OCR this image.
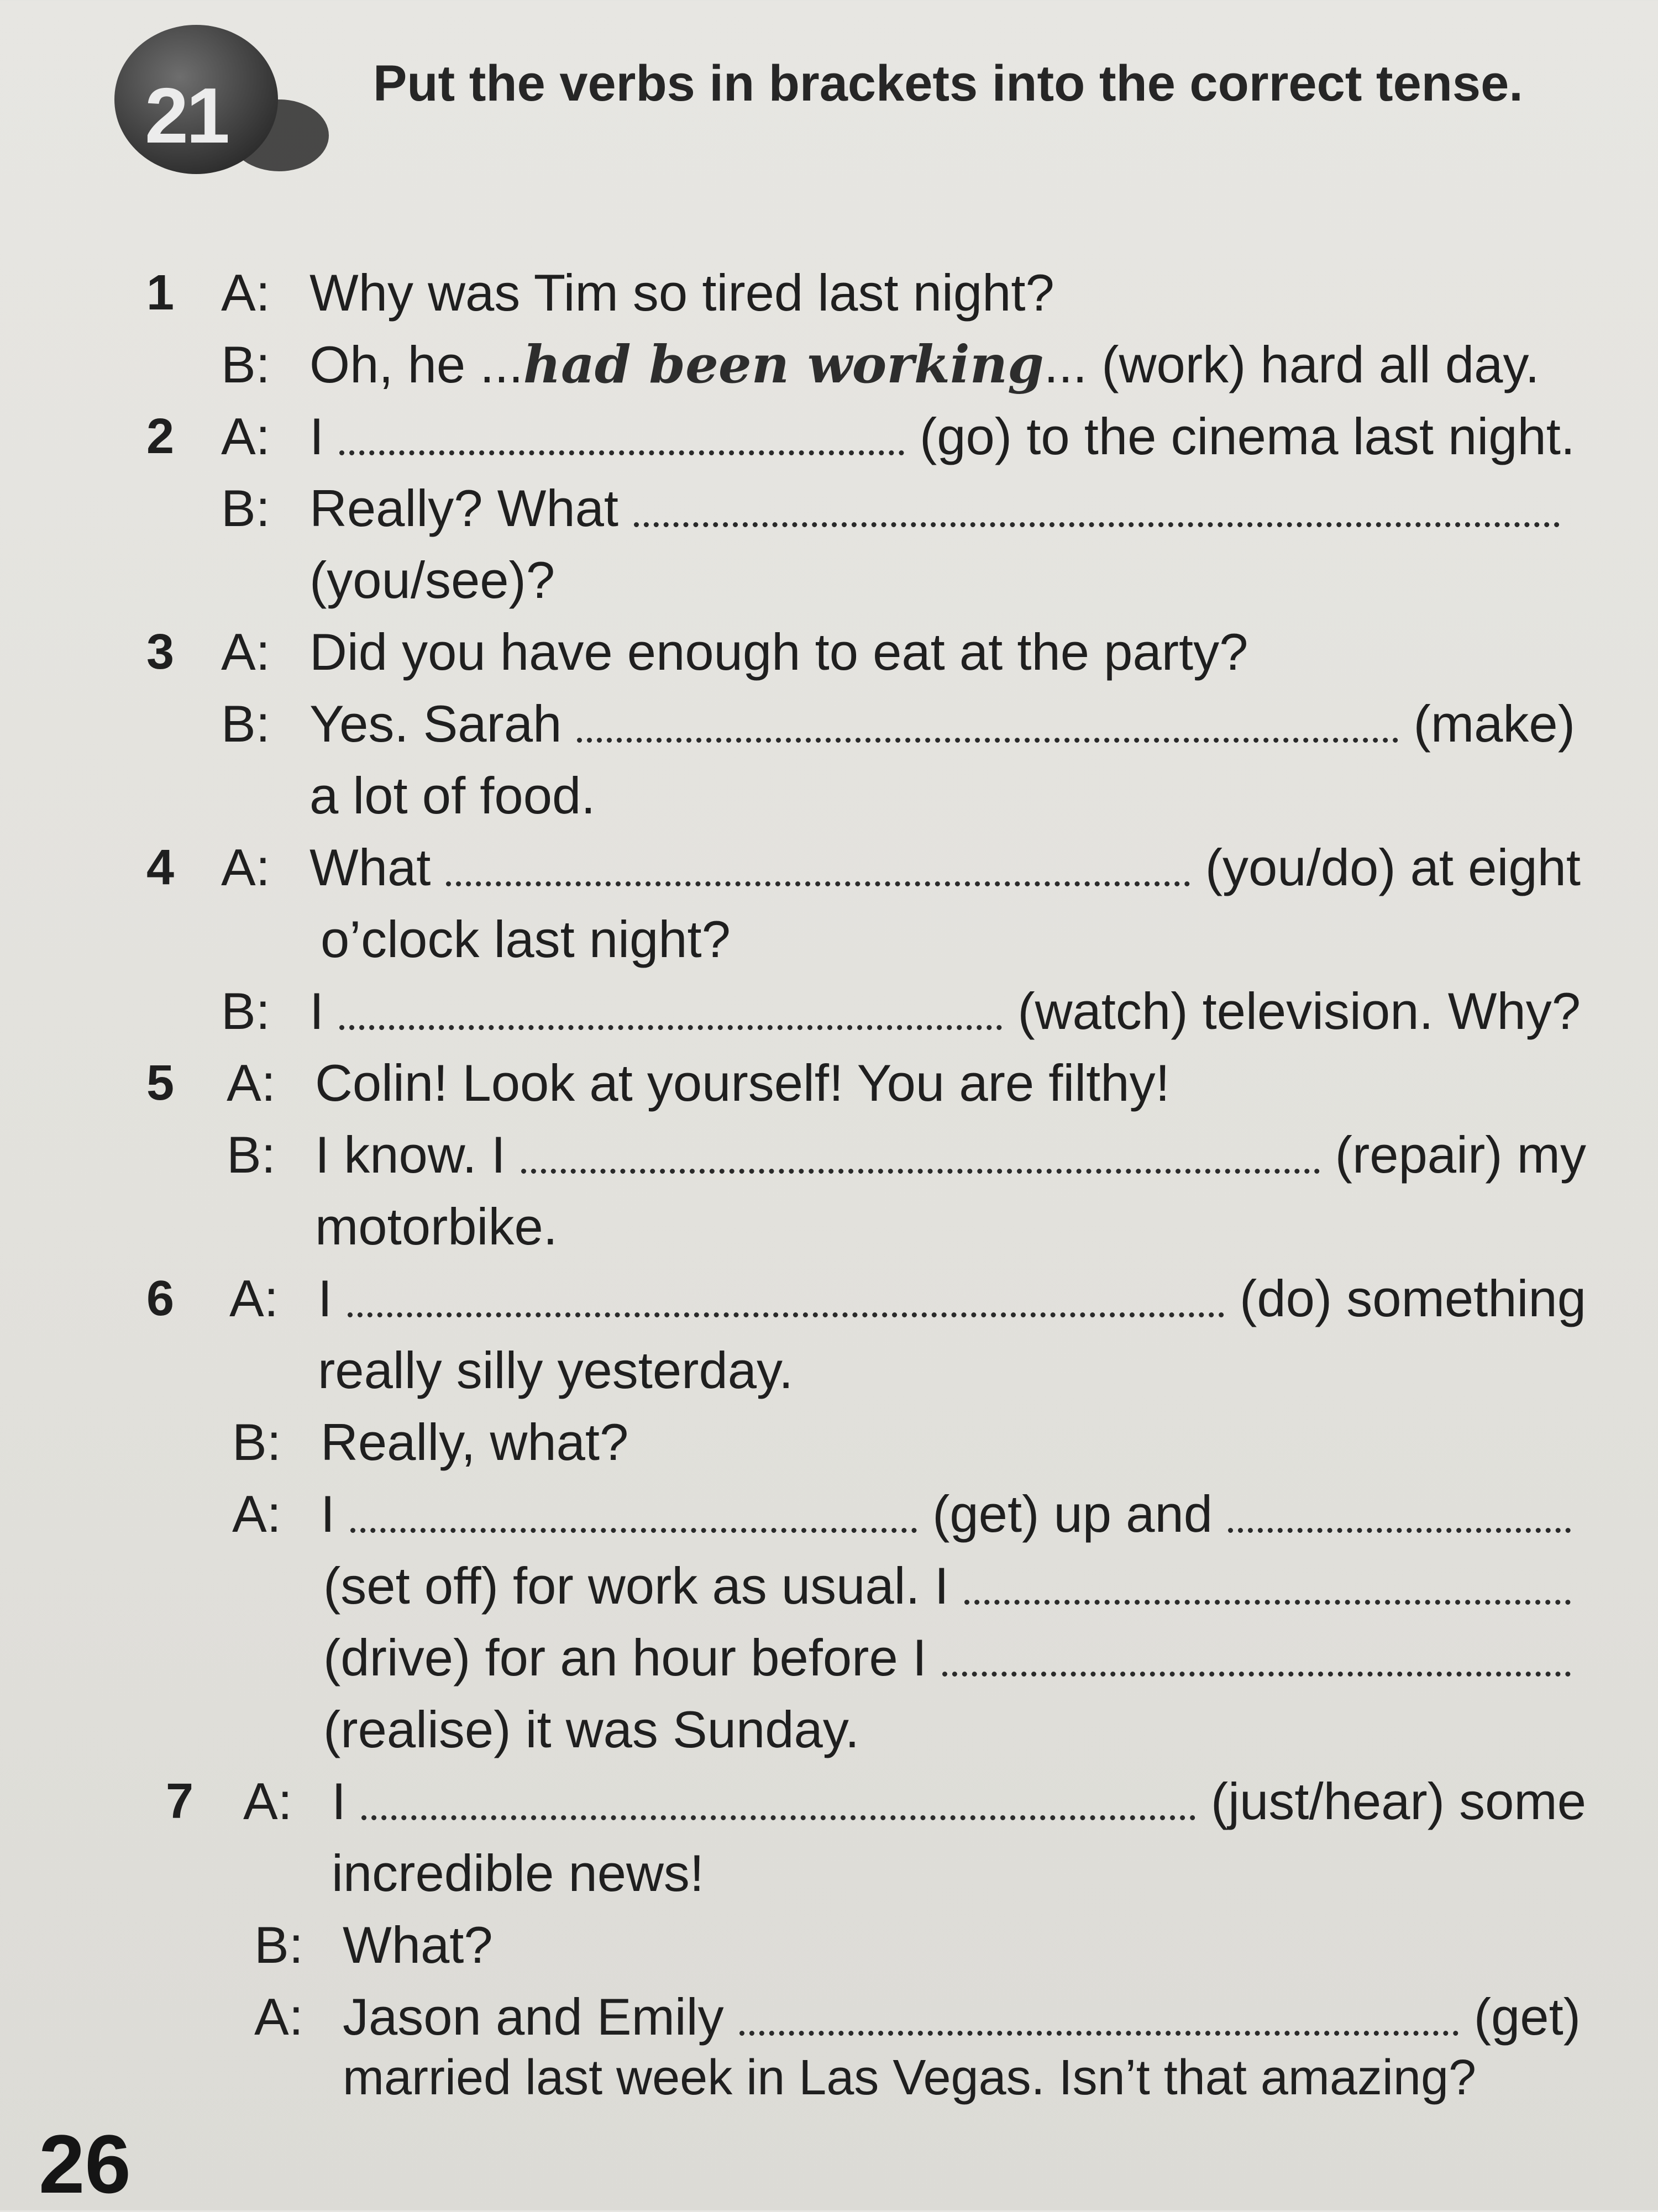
21	Put the verbs in brackets into the correct tense.
1 A: Why was Tim so tired last night?
B: Oh, he ... had been working ... (work) hard all day.
2 A: I	(go) to the cinema last night.
B: Really? What
(you/see)?
3 A: Did you have enough to eat at the party?
B: Yes. Sarah	(make)
a lot of food.
4 A: What	(you/do) at eight
o’clock last night?
B: I	(watch) television. Why?
5 A: Colin! Look at yourself! You are filthy!
B: I know. I	(repair) my
motorbike.
6 A: I	(do) something
really silly yesterday.
B: Really, what?
A: I	(get) up and
(set off) for work as usual. I
(drive) for an hour before I
(realise) it was Sunday.
7 A: I	(just/hear) some
incredible news!
B: What?
A: Jason and Emily	(get)
married last week in Las Vegas. Isn’t that amazing?
26
